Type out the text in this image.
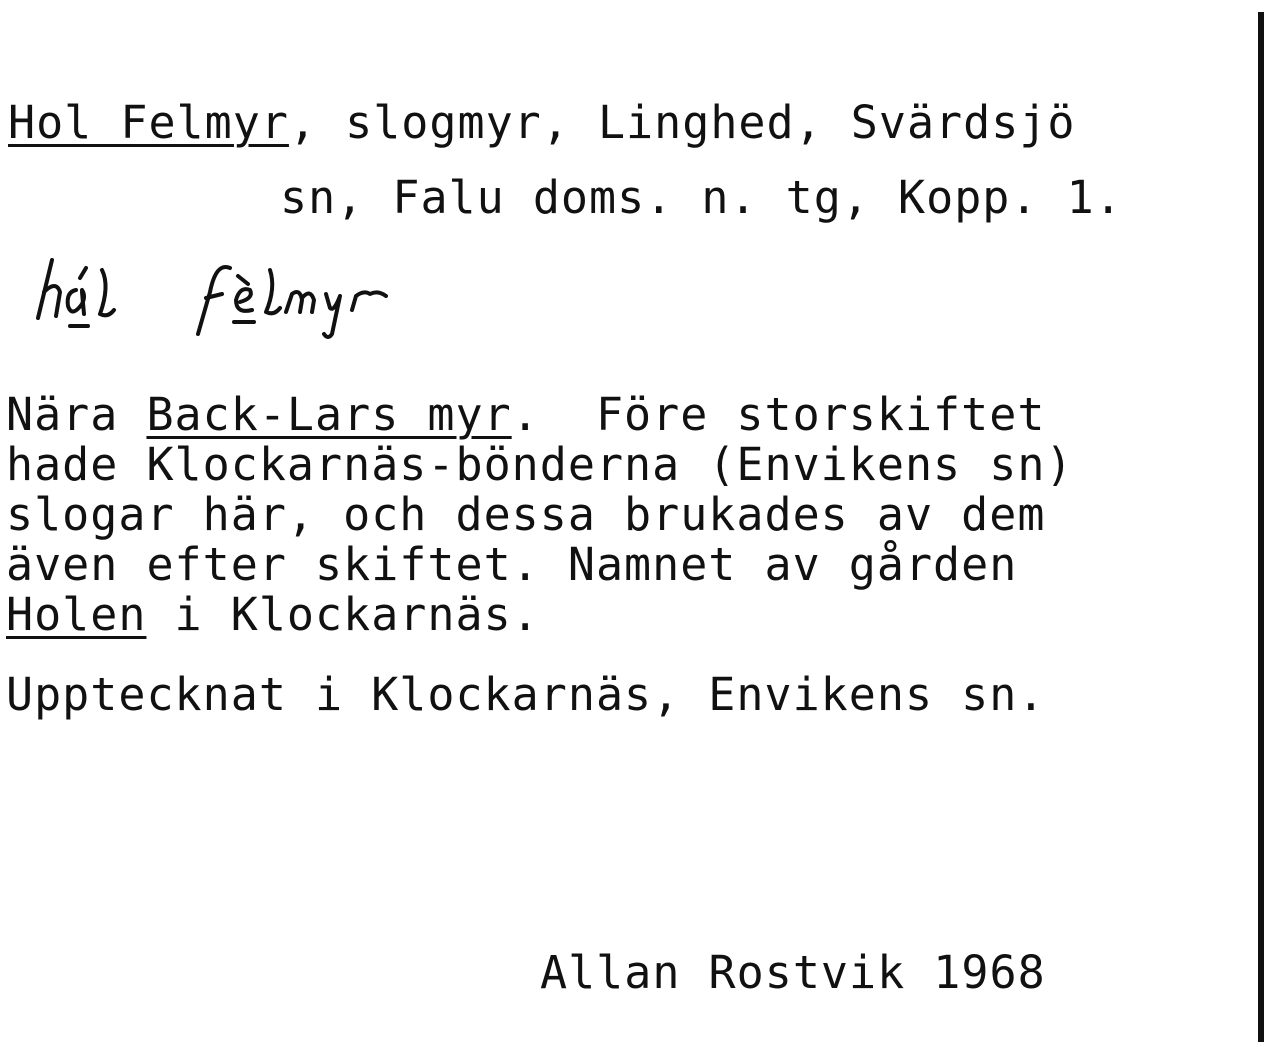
Hol Felmyr, slogmyr, Linghed, Svärdsjö
sn, Falu doms. n. tg, Kopp. 1.
Nära Back-Lars myr.  Före storskiftet
hade Klockarnäs-bönderna (Envikens sn)
slogar här, och dessa brukades av dem
även efter skiftet. Namnet av gården
Holen i Klockarnäs.
Upptecknat i Klockarnäs, Envikens sn.
Allan Rostvik 1968
